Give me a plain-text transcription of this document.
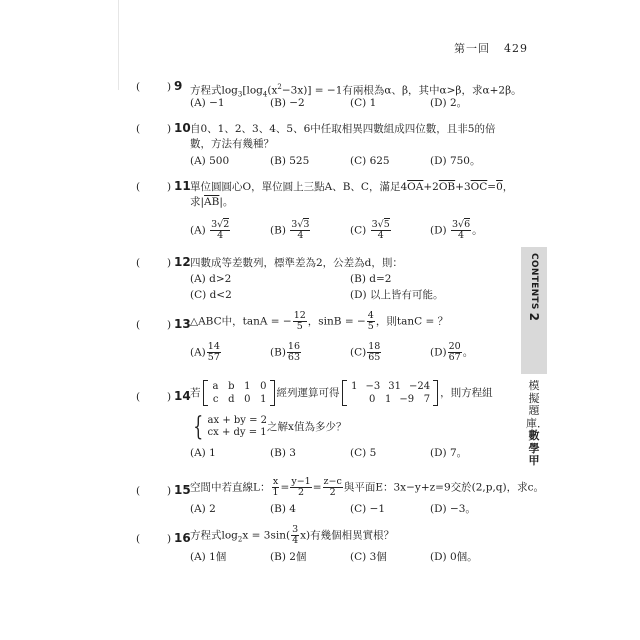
第一回 429
(	) 9 方程式$\log_3[\log_4(x^2-3x)] = -1$有兩根為α、β，其中α>β，求α+2β。
(A) −1	(B) −2	(C) 1	(D) 2。
(	) 10 自0、1、2、3、4、5、6中任取相異四數組成四位數，且非5的倍
數，方法有幾種？
(A) 500	(B) 525	(C) 625	(D) 750。
(	) 11 單位圓圓心O，單位圓上三點A、B、C，滿足$4\overline{OA}+2\overline{OB}+3\overline{OC}=0$，
求$|\overline{AB}|$。
$(A) \frac{3√2}{4}$	$(B) \frac{3√3}{4}$	$(C) \frac{3√5}{4}$	$(D) \frac{3√6}{4}$ 。
(	) 12 四數成等差數列，標準差為2，公差為d，則：
(A) d>2	(B) d=2
(C) d<2	(D) 以上皆有可能。
(	) 13 △ABC中，tanA = − $\frac{12}{5}$ ，sinB = − $\frac{4}{5}$ ，則tanC = ？
$(A) \frac{14}{57}$	$(B) \frac{16}{63}$	$(C) \frac{18}{65}$	$(D) \frac{20}{67}$ 。
(	) 14 若
a b 1 0
c d 0 1
經列運算可得
1 −3 31 −24
0 1 −9 7
，則方程組
{ ax + by = 2
cx + dy = 1 之解x值為多少？
(A) 1	(B) 3	(C) 5	(D) 7。
(	) 15 空間中若直線L： $\frac{x}{1} = \frac{y-1}{2} = \frac{z-c}{2}$ 與平面E：3x−y+z=9交於(2,p,q)，求c。
(A) 2	(B) 4	(C) −1	(D) −3。
(	) 16 方程式$\log_2x = 3\sin( \frac{3}{4} x)$有幾個相異實根？
(A) 1個	(B) 2個	(C) 3個	(D) 0個。
CONTENTS
2
模擬題庫．數學甲
